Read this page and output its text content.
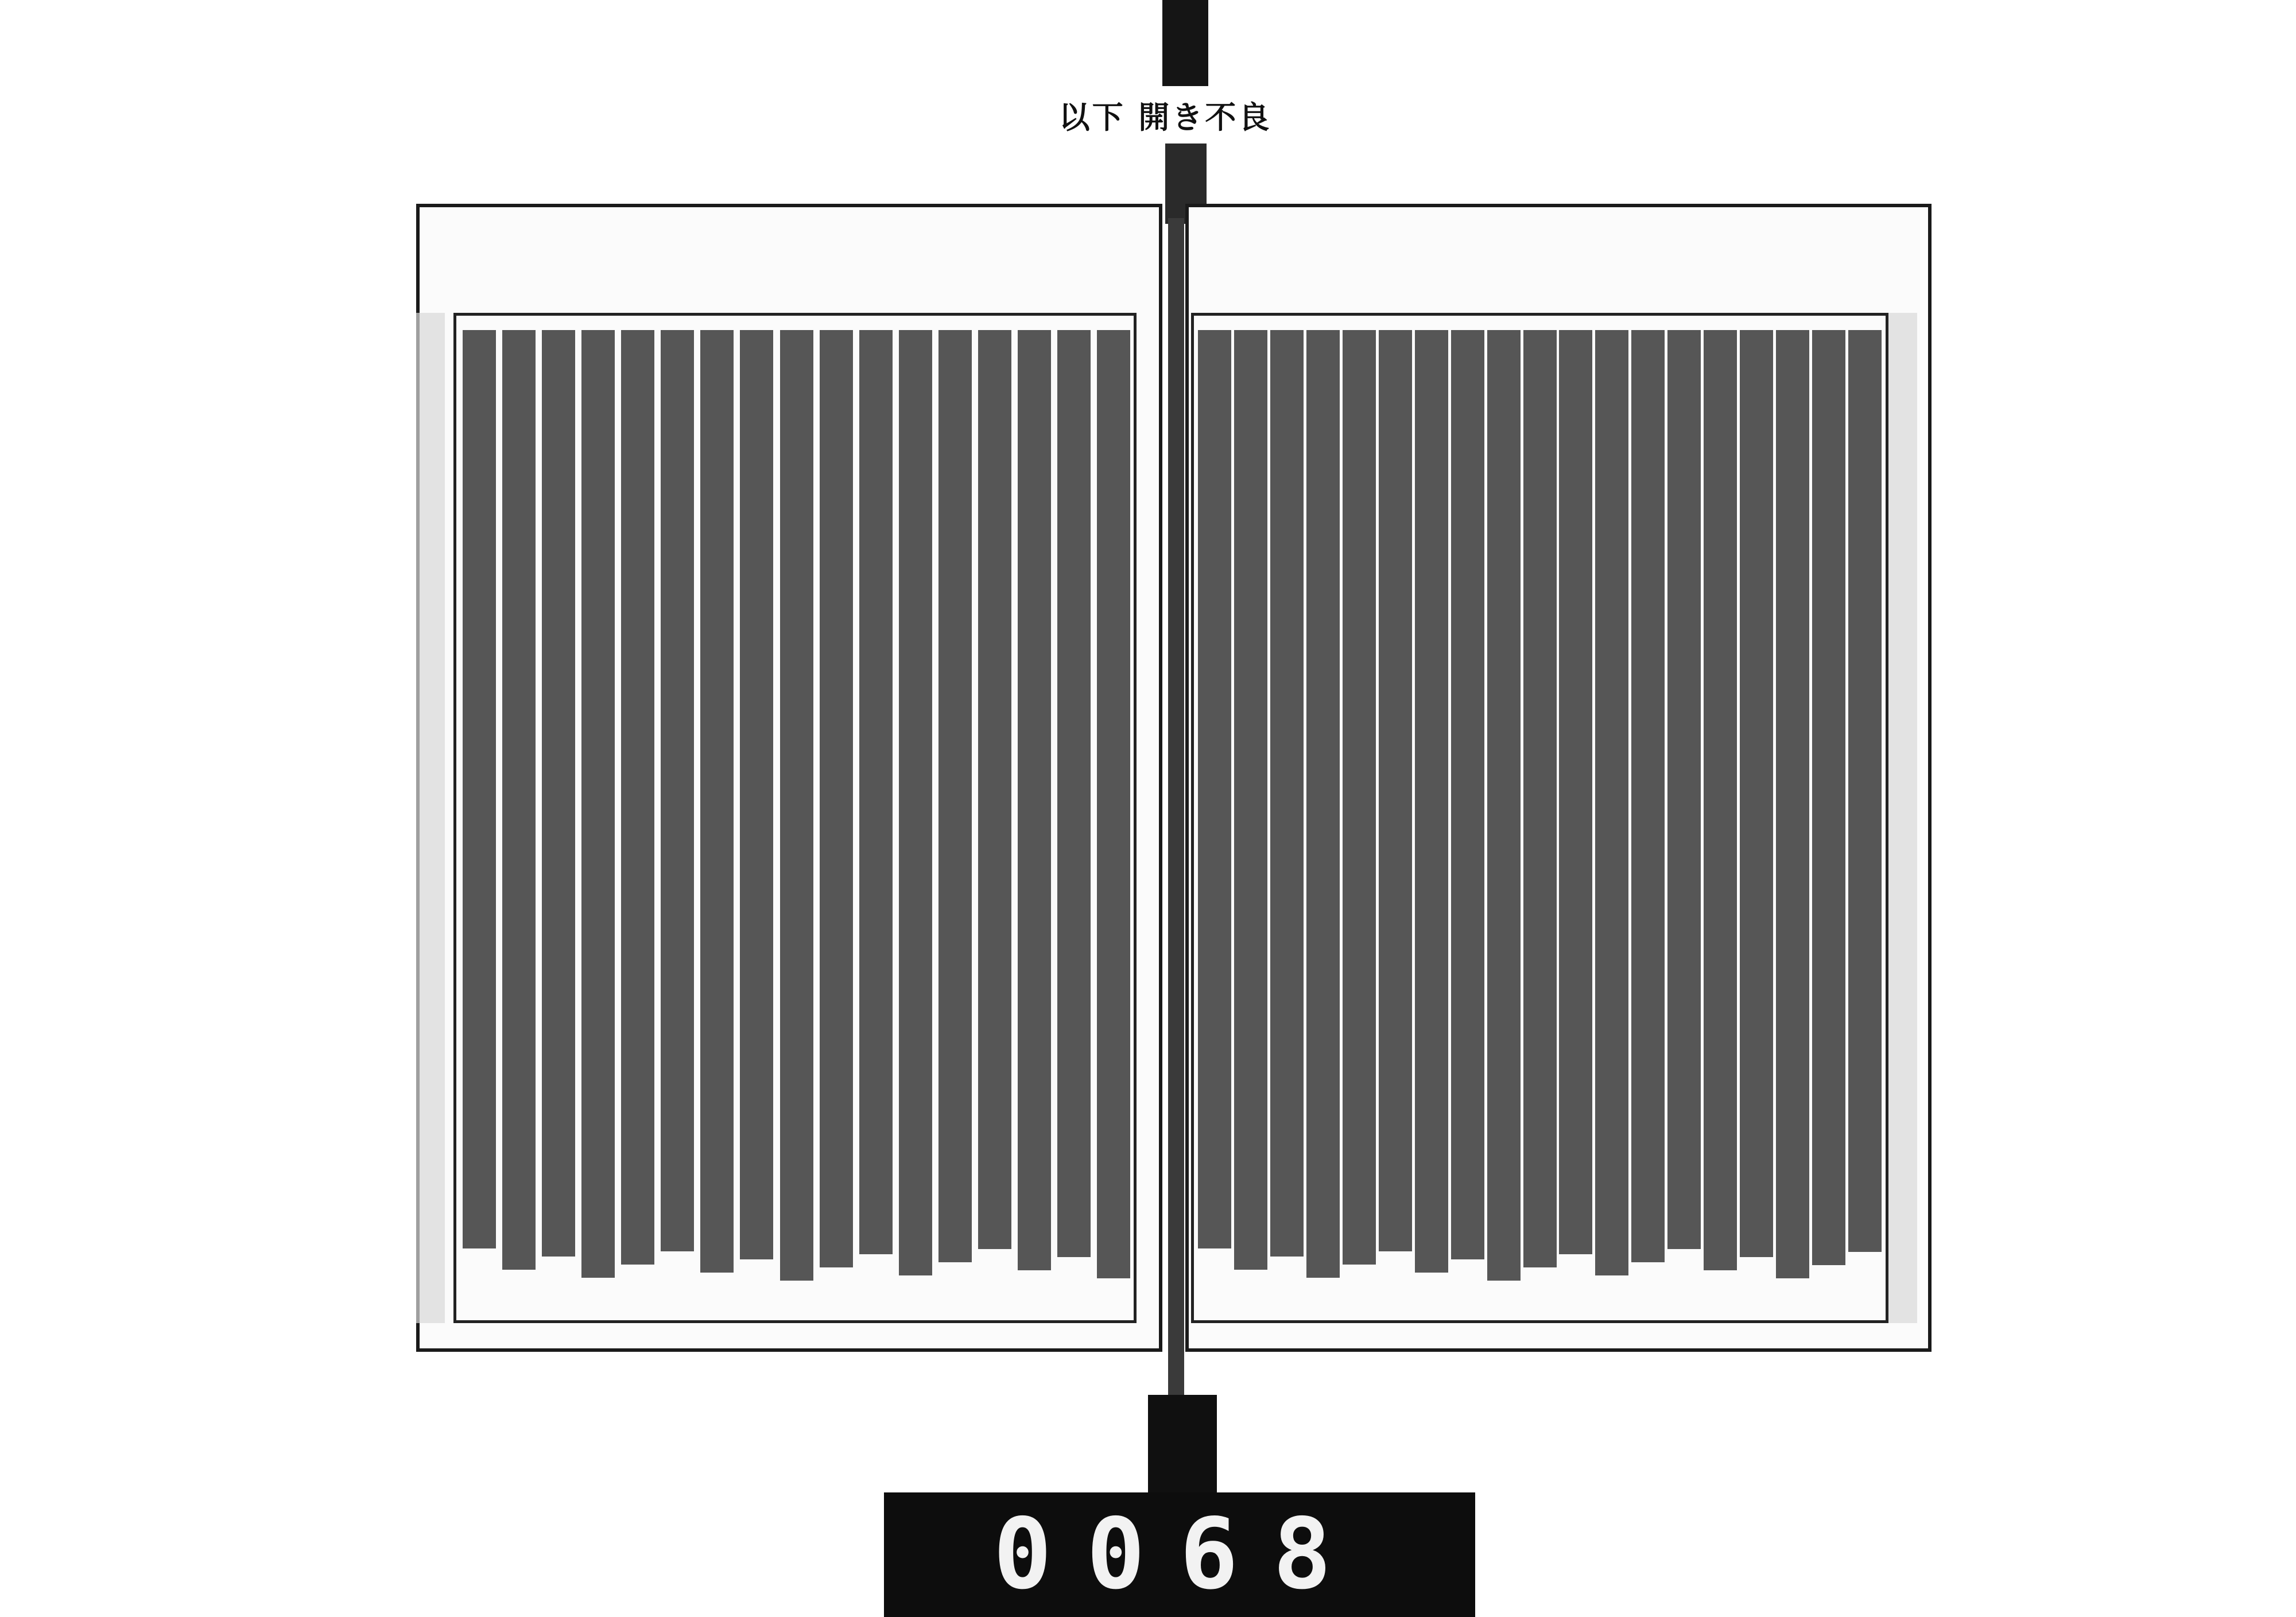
以下 開き不良
0068
